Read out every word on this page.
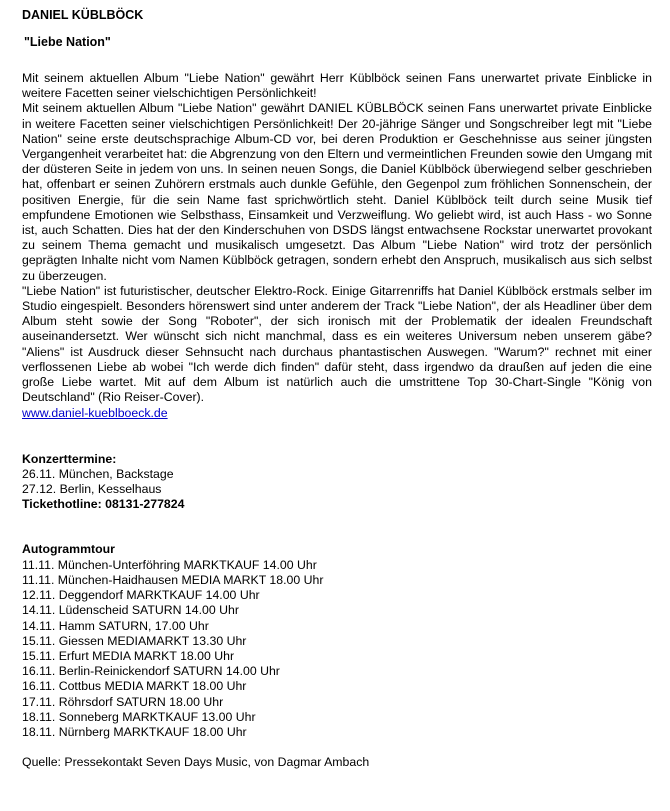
DANIEL KÜBLBÖCK
"Liebe Nation"

Mit seinem aktuellen Album "Liebe Nation" gewährt Herr Küblböck seinen Fans unerwartet private Einblicke in weitere Facetten seiner vielschichtigen Persönlichkeit!

Mit seinem aktuellen Album "Liebe Nation" gewährt DANIEL KÜBLBÖCK seinen Fans unerwartet private Einblicke in weitere Facetten seiner vielschichtigen Persönlichkeit! Der 20-jährige Sänger und Songschreiber legt mit "Liebe Nation" seine erste deutschsprachige Album-CD vor, bei deren Produktion er Geschehnisse aus seiner jüngsten Vergangenheit verarbeitet hat: die Abgrenzung von den Eltern und vermeintlichen Freunden sowie den Umgang mit der düsteren Seite in jedem von uns. In seinen neuen Songs, die Daniel Küblböck überwiegend selber geschrieben hat, offenbart er seinen Zuhörern erstmals auch dunkle Gefühle, den Gegenpol zum fröhlichen Sonnenschein, der positiven Energie, für die sein Name fast sprichwörtlich steht. Daniel Küblböck teilt durch seine Musik tief empfundene Emotionen wie Selbsthass, Einsamkeit und Verzweiflung. Wo geliebt wird, ist auch Hass - wo Sonne ist, auch Schatten. Dies hat der den Kinderschuhen von DSDS längst entwachsene Rockstar unerwartet provokant zu seinem Thema gemacht und musikalisch umgesetzt. Das Album "Liebe Nation" wird trotz der persönlich geprägten Inhalte nicht vom Namen Küblböck getragen, sondern erhebt den Anspruch, musikalisch aus sich selbst zu überzeugen.

"Liebe Nation" ist futuristischer, deutscher Elektro-Rock. Einige Gitarrenriffs hat Daniel Küblböck erstmals selber im Studio eingespielt. Besonders hörenswert sind unter anderem der Track "Liebe Nation", der als Headliner über dem Album steht sowie der Song "Roboter", der sich ironisch mit der Problematik der idealen Freundschaft auseinandersetzt. Wer wünscht sich nicht manchmal, dass es ein weiteres Universum neben unserem gäbe? "Aliens" ist Ausdruck dieser Sehnsucht nach durchaus phantastischen Auswegen. "Warum?" rechnet mit einer verflossenen Liebe ab wobei "Ich werde dich finden" dafür steht, dass irgendwo da draußen auf jeden die eine große Liebe wartet. Mit auf dem Album ist natürlich auch die umstrittene Top 30-Chart-Single "König von Deutschland" (Rio Reiser-Cover).

www.daniel-kueblboeck.de
Konzerttermine:
26.11. München, Backstage
27.12. Berlin, Kesselhaus
Tickethotline: 08131-277824
Autogrammtour
11.11. München-Unterföhring MARKTKAUF 14.00 Uhr
11.11. München-Haidhausen MEDIA MARKT 18.00 Uhr
12.11. Deggendorf MARKTKAUF 14.00 Uhr
14.11. Lüdenscheid SATURN 14.00 Uhr
14.11. Hamm SATURN, 17.00 Uhr
15.11. Giessen MEDIAMARKT 13.30 Uhr
15.11. Erfurt MEDIA MARKT 18.00 Uhr
16.11. Berlin-Reinickendorf SATURN 14.00 Uhr
16.11. Cottbus MEDIA MARKT 18.00 Uhr
17.11. Röhrsdorf SATURN 18.00 Uhr
18.11. Sonneberg MARKTKAUF 13.00 Uhr
18.11. Nürnberg MARKTKAUF 18.00 Uhr
Quelle: Pressekontakt Seven Days Music, von Dagmar Ambach
